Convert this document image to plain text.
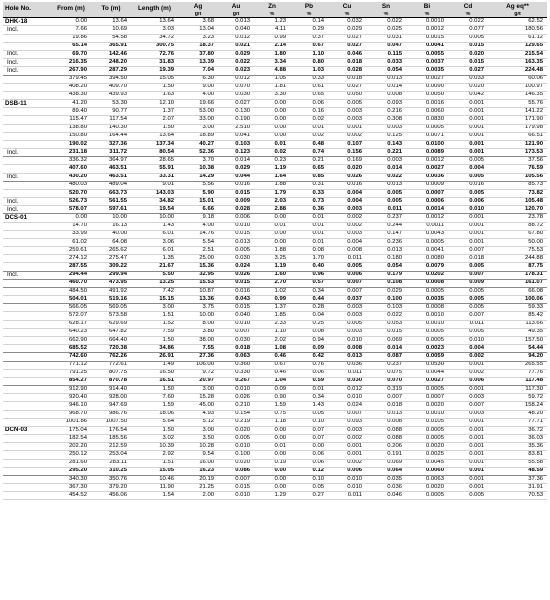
Hole No.	From (m)	To (m)	Length (m)	Ag	Au	Zn	Pb	Cu	Sn	Bi	Cd	Ag eq**
				g/t	g/t	%	%	%	%	%	%	g/t
DHK-18	0.00	13.64	13.64	3.68	0.013	1.23	0.14	0.032	0.022	0.0010	0.022	62.52
Incl.	7.66	10.69	3.03	13.04	0.040	4.11	0.29	0.029	0.025	0.0012	0.077	180.56
	19.86	54.58	34.72	3.23	0.012	0.99	0.37	0.027	0.031	0.0015	0.005	61.12
	65.14	365.91	300.75	18.37	0.021	2.14	0.67	0.027	0.047	0.0041	0.015	129.65
Incl.	69.70	142.46	72.76	37.80	0.029	1.80	1.10	0.046	0.115	0.0055	0.020	215.54
Incl.	216.35	248.20	31.83	13.39	0.022	3.34	0.80	0.018	0.033	0.0037	0.015	163.35
Incl.	267.90	287.29	19.39	7.04	0.023	4.88	1.03	0.028	0.054	0.0035	0.027	224.48
	379.45	394.50	15.05	6.30	0.012	1.05	0.33	0.018	0.013	0.0027	0.033	60.06
	408.20	409.70	1.50	9.00	0.070	1.81	0.61	0.027	0.014	0.0090	0.020	100.97
	438.30	439.93	1.63	4.00	0.030	3.30	0.65	0.050	0.008	0.0050	0.042	146.35
DSB-11	41.20	53.30	12.10	19.66	0.027	0.00	0.06	0.005	0.093	0.0016	0.001	55.76
	89.40	90.77	1.37	53.00	0.130	0.00	0.16	0.003	0.216	0.0060	0.001	141.22
	115.47	117.54	2.07	33.00	0.190	0.00	0.02	0.003	0.308	0.0830	0.001	171.90
	138.80	140.30	1.50	3.00	2.510	0.00	0.01	0.001	0.003	0.0005	0.001	179.98
	150.80	164.44	13.64	18.89	0.041	0.00	0.02	0.002	0.125	0.0071	0.001	66.51
	190.02	327.36	137.34	40.27	0.103	0.01	0.48	0.107	0.143	0.0100	0.001	121.90
Incl.	231.18	311.72	80.54	52.36	0.123	0.02	0.74	0.156	0.221	0.0089	0.001	173.53
	336.32	364.97	28.65	3.70	0.014	0.23	0.21	0.169	0.003	0.0012	0.005	37.56
	407.60	463.51	55.91	10.38	0.029	1.19	0.65	0.020	0.014	0.0027	0.004	76.59
Incl.	430.20	463.51	33.31	14.29	0.044	1.64	0.85	0.026	0.022	0.0036	0.005	105.56
	480.03	489.04	9.01	5.56	0.016	1.88	0.31	0.016	0.013	0.0009	0.016	85.73
	520.70	663.73	143.03	5.90	0.015	1.79	0.33	0.004	0.005	0.0007	0.005	73.82
Incl.	526.73	561.55	34.82	15.01	0.009	2.03	0.73	0.004	0.005	0.0006	0.006	105.48
Incl.	578.07	597.61	19.54	6.66	0.028	2.88	0.36	0.003	0.011	0.0014	0.010	120.70
DCS-01	0.00	10.00	10.00	9.18	0.006	0.00	0.01	0.002	0.237	0.0012	0.001	23.78
	14.70	16.13	1.43	4.00	0.010	0.01	0.01	0.002	0.244	0.0011	0.001	88.72
	33.99	40.00	6.01	14.76	0.015	0.00	0.01	0.003	0.147	0.0043	0.001	67.80
	61.02	64.08	3.06	5.54	0.013	0.00	0.01	0.004	0.236	0.0005	0.001	50.00
	259.61	265.62	6.01	2.51	0.005	1.88	0.08	0.008	0.013	0.0041	0.007	75.53
	274.12	275.47	1.35	25.00	0.030	3.25	1.70	0.011	0.180	0.0080	0.018	244.88
	287.55	309.22	21.67	15.36	0.024	1.19	0.40	0.005	0.054	0.0079	0.005	87.75
Incl.	294.44	299.94	5.50	32.95	0.026	1.60	0.96	0.006	0.179	0.0202	0.007	178.31
	460.70	473.95	13.25	15.53	0.015	2.70	0.57	0.007	0.108	0.0008	0.009	161.07
	484.50	491.92	7.42	10.87	0.016	1.02	0.34	0.007	0.029	0.0005	0.005	66.08
	504.01	519.16	15.15	13.36	0.043	0.99	0.44	0.037	0.100	0.0035	0.005	100.06
	566.05	569.05	3.00	3.75	0.015	1.37	0.28	0.003	0.103	0.0008	0.005	59.33
	572.07	573.58	1.51	10.00	0.040	1.85	0.04	0.003	0.022	0.0010	0.007	85.42
	628.17	629.69	1.52	8.00	0.010	2.33	0.25	0.005	0.053	0.0010	0.011	113.66
	640.23	647.82	7.59	3.80	0.007	1.10	0.08	0.003	0.015	0.0005	0.005	49.35
	662.90	664.40	1.50	38.00	0.030	2.02	0.94	0.010	0.069	0.0005	0.010	157.50
	685.52	720.38	34.86	7.55	0.018	1.08	0.09	0.008	0.014	0.0023	0.004	54.44
	742.60	762.26	26.91	27.36	0.063	0.46	0.42	0.013	0.087	0.0059	0.002	94.20
	771.12	772.61	1.49	106.00	0.360	0.67	0.76	0.036	0.237	0.0530	0.001	265.55
	791.25	807.75	16.50	9.72	0.330	0.46	0.06	0.011	0.075	0.0044	0.002	77.76
	854.27	870.78	16.51	20.97	0.267	1.04	0.59	0.030	0.070	0.0027	0.006	117.48
	912.90	914.40	1.50	3.00	0.010	0.09	0.01	0.012	0.319	0.0005	0.001	117.30
	920.40	928.00	7.60	15.28	0.026	0.90	0.34	0.010	0.007	0.0007	0.003	59.72
	946.10	947.69	1.59	45.00	0.210	1.59	1.43	0.024	0.018	0.0020	0.007	158.24
	968.70	986.76	18.06	4.93	0.154	0.75	0.05	0.007	0.013	0.0010	0.003	48.20
	1001.86	1007.50	5.64	5.12	0.219	1.18	0.10	0.093	0.008	0.0105	0.001	77.71
DCN-03	175.04	176.54	1.50	3.00	0.020	0.00	0.07	0.003	0.088	0.0005	0.001	36.72
	182.54	185.56	3.02	3.50	0.005	0.00	0.07	0.002	0.088	0.0005	0.001	36.03
	202.20	212.59	10.39	10.28	0.010	0.01	0.00	0.001	0.206	0.0020	0.001	35.36
	250.12	253.04	2.92	9.54	0.100	0.00	0.06	0.001	0.191	0.0025	0.001	83.81
	281.60	283.11	1.51	16.00	0.020	0.19	0.06	0.002	0.069	0.0045	0.001	55.58
	295.20	310.25	15.05	16.23	0.086	0.00	0.12	0.006	0.064	0.0060	0.001	48.59
	340.30	350.76	10.46	20.19	0.007	0.00	0.10	0.010	0.035	0.0063	0.001	37.36
	367.30	379.20	11.90	21.25	0.015	0.00	0.05	0.010	0.036	0.0020	0.001	31.91
	454.52	456.06	1.54	2.00	0.010	1.29	0.27	0.011	0.046	0.0005	0.005	70.53
